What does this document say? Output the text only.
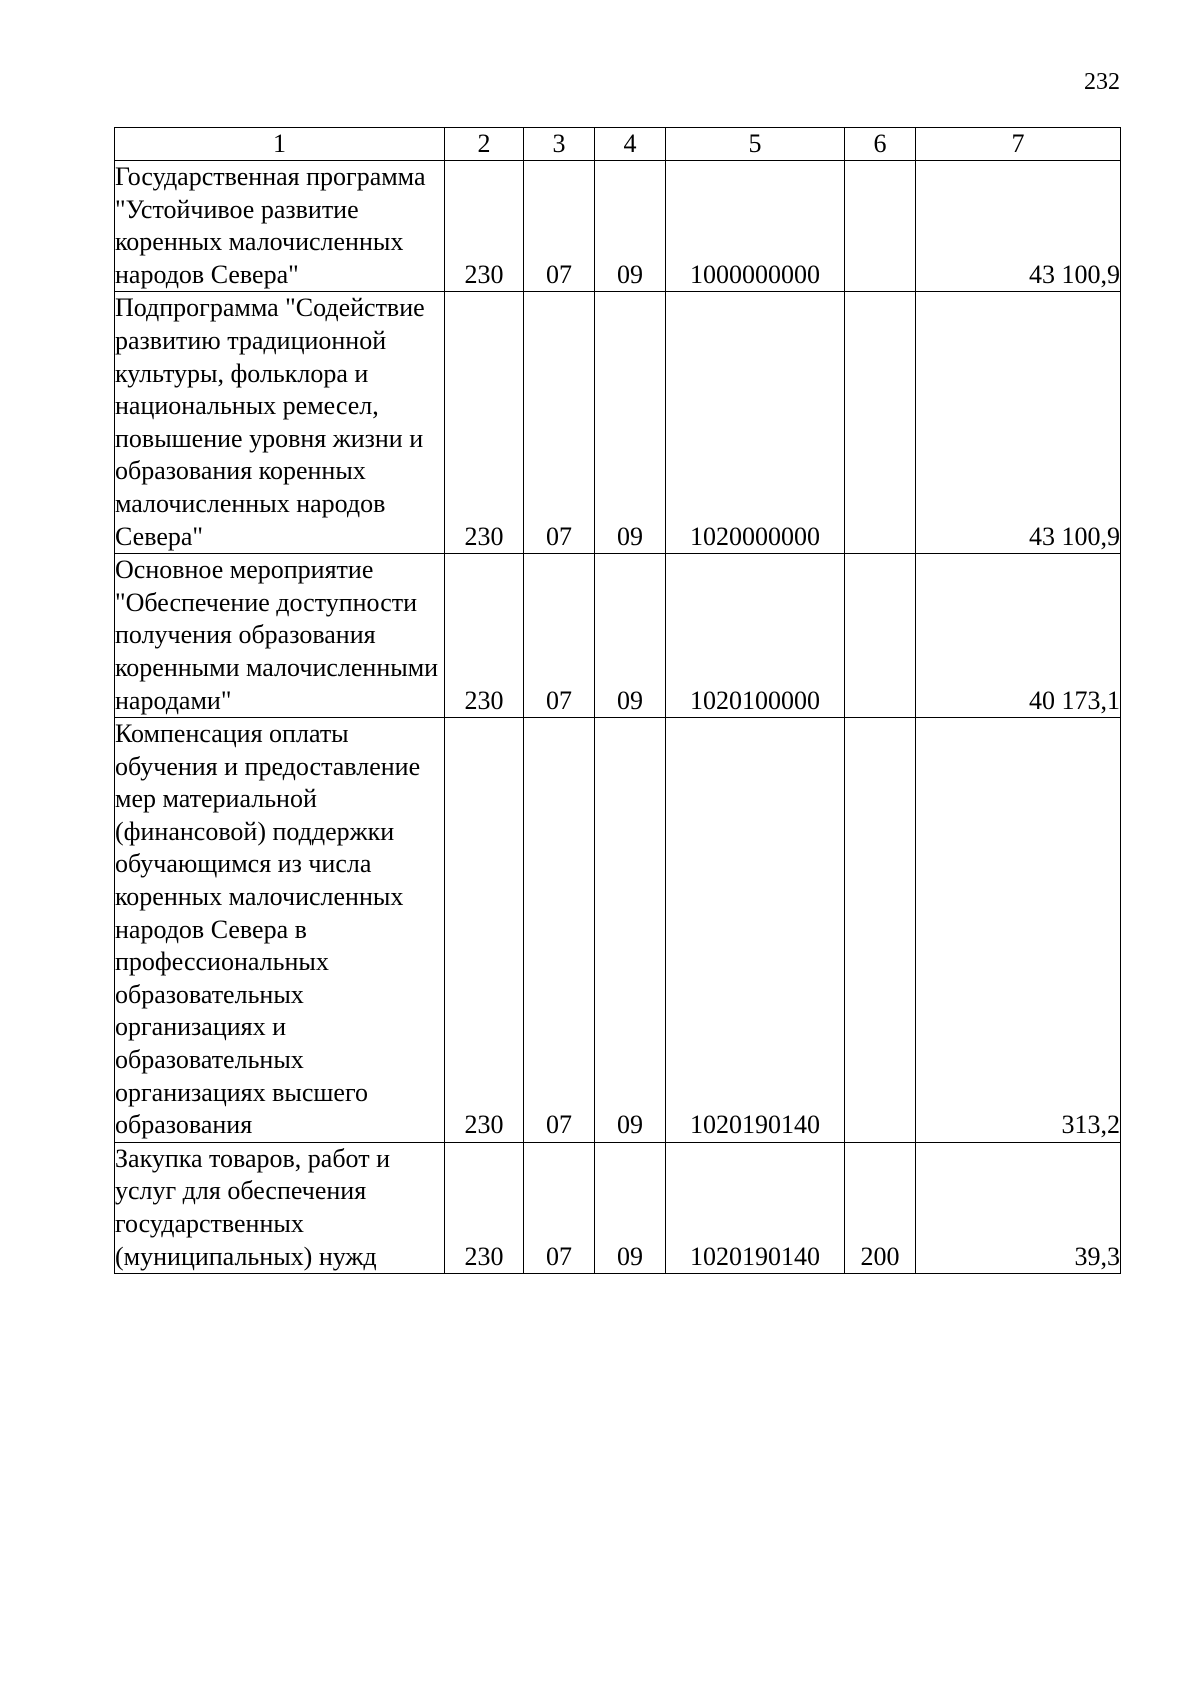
232
1	2	3	4	5	6	7
Государственная программа "Устойчивое развитие коренных малочисленных народов Севера"	230	07	09	1000000000		43 100,9
Подпрограмма "Содействие развитию традиционной культуры, фольклора и национальных ремесел, повышение уровня жизни и образования коренных малочисленных народов Севера"	230	07	09	1020000000		43 100,9
Основное мероприятие "Обеспечение доступности получения образования коренными малочисленными народами"	230	07	09	1020100000		40 173,1
Компенсация оплаты обучения и предоставление мер материальной (финансовой) поддержки обучающимся из числа коренных малочисленных народов Севера в профессиональных образовательных организациях и образовательных организациях высшего образования	230	07	09	1020190140		313,2
Закупка товаров, работ и услуг для обеспечения государственных (муниципальных) нужд	230	07	09	1020190140	200	39,3
